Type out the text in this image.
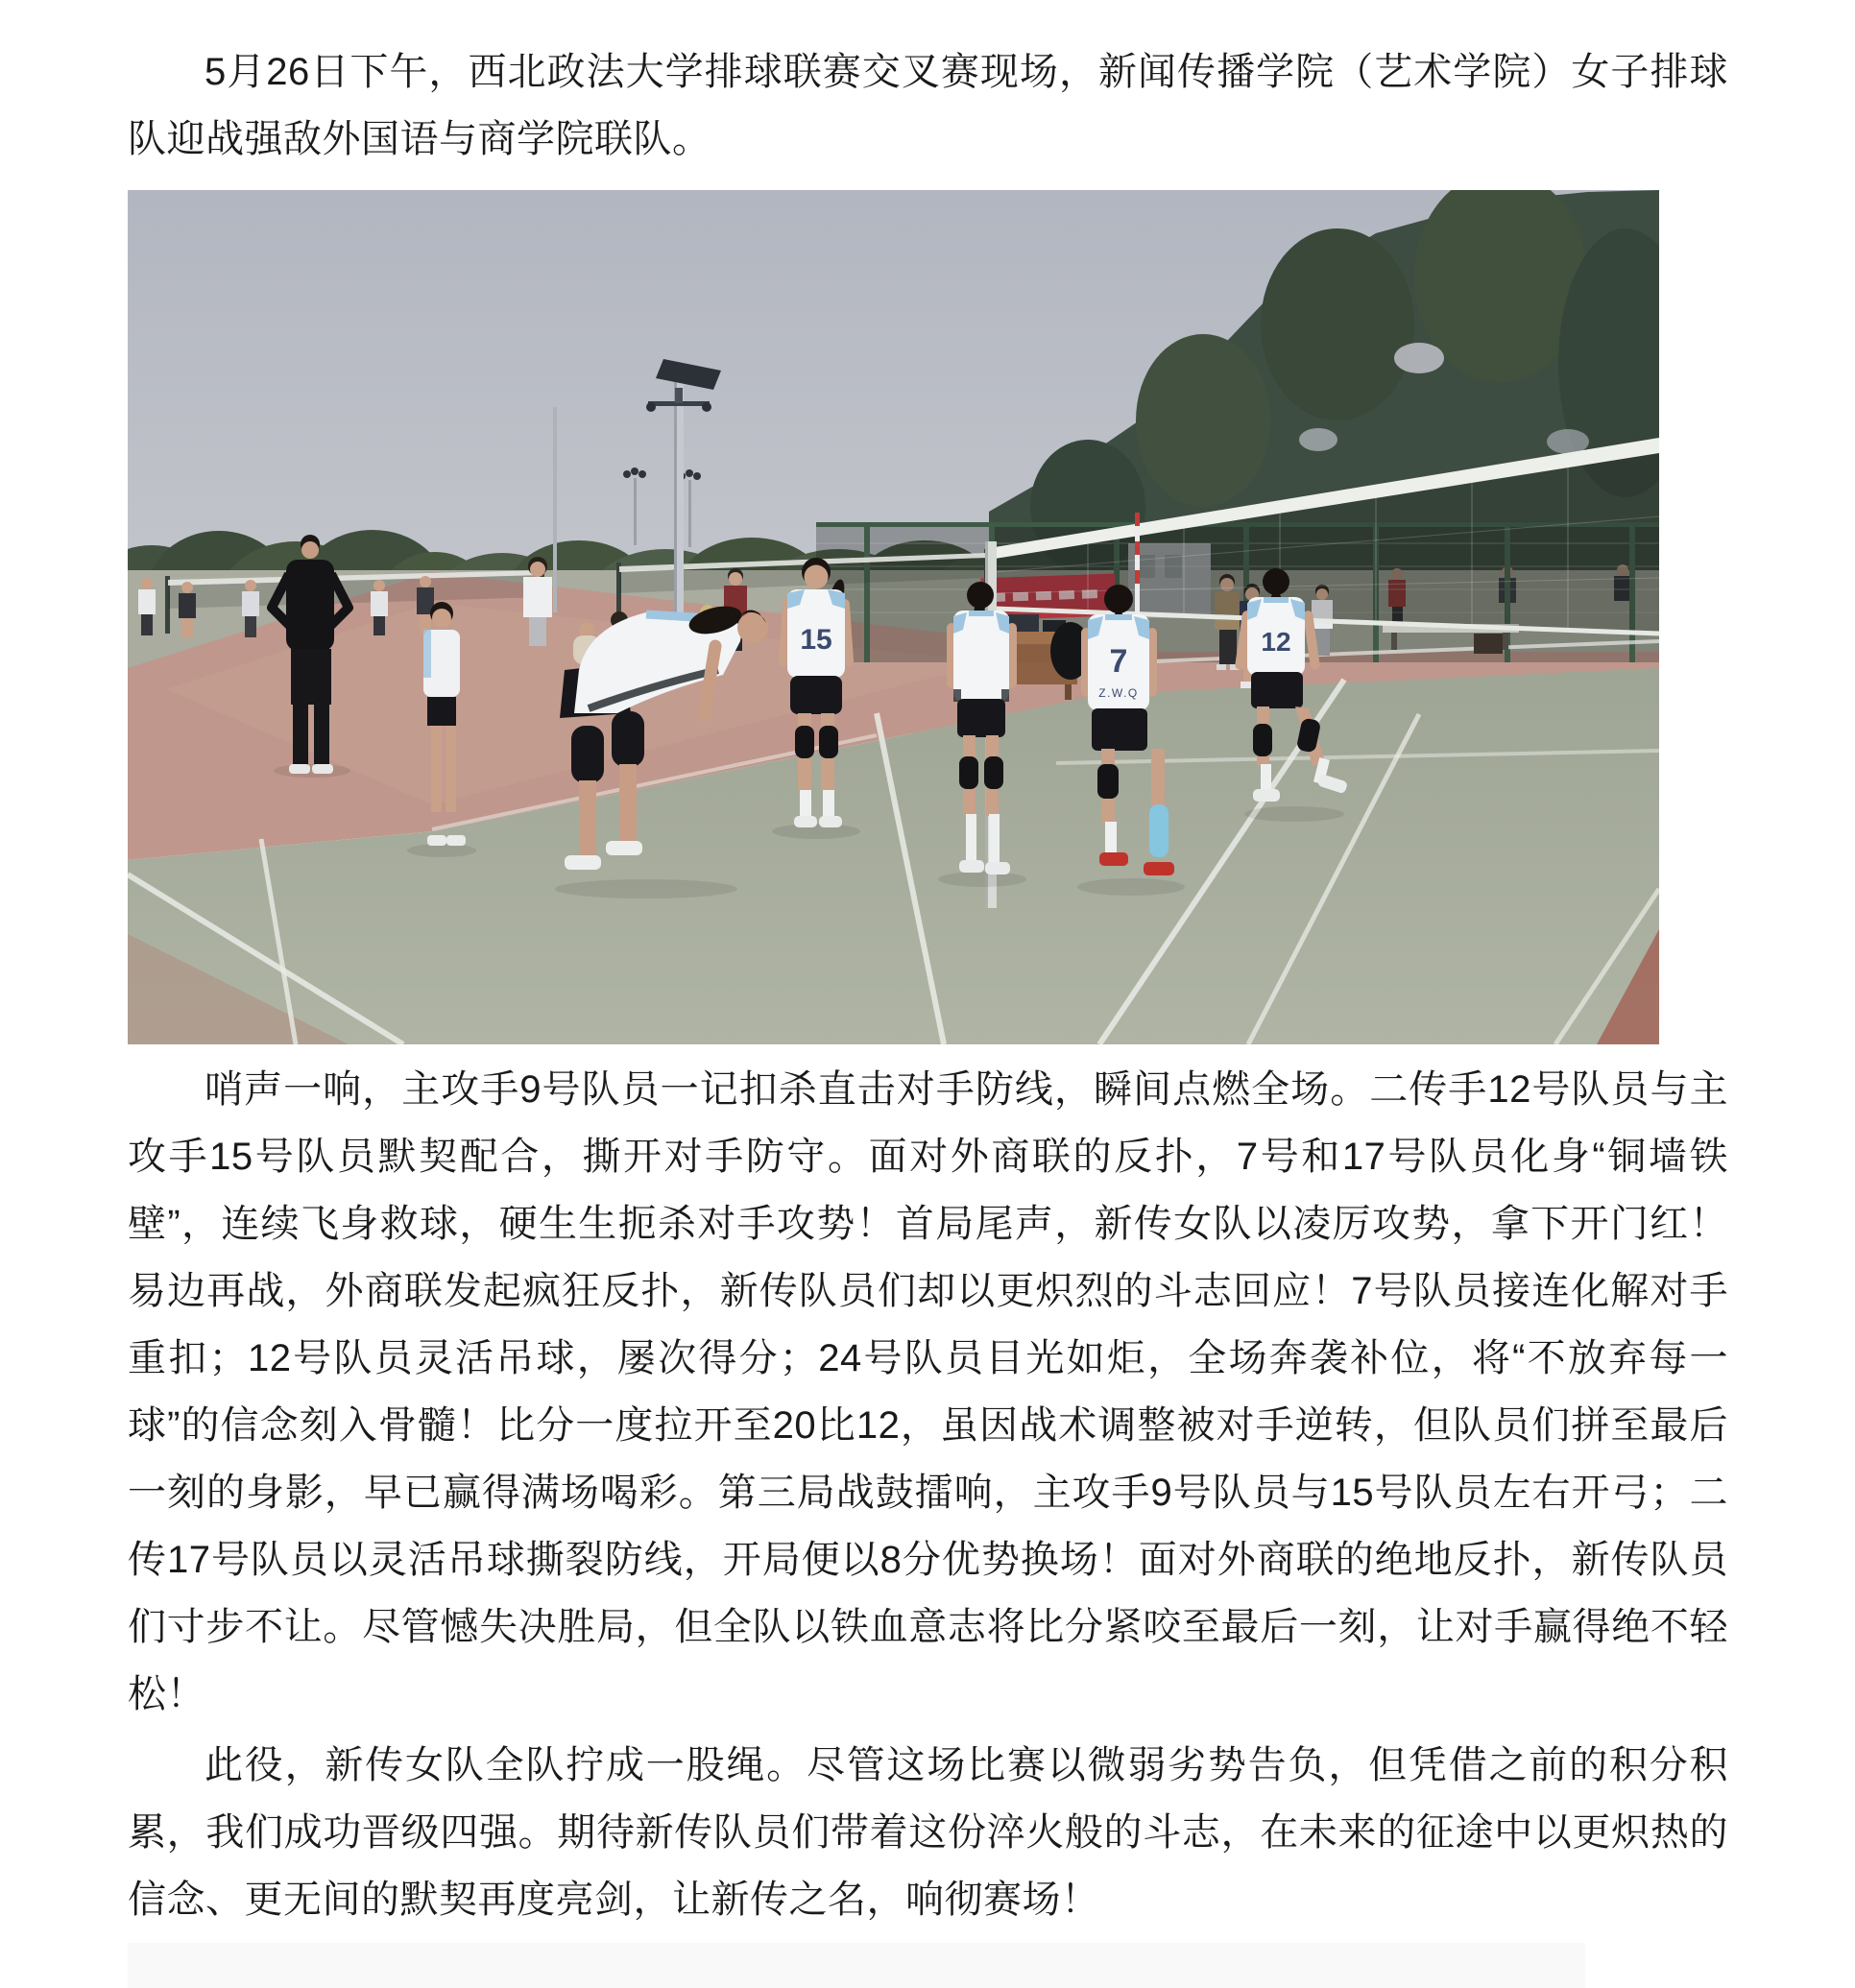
5月26日下午，西北政法大学排球联赛交叉赛现场，新闻传播学院（艺术学院）女子排球队迎战强敌外国语与商学院联队。

15
7
Z.W.Q
12

哨声一响，主攻手9号队员一记扣杀直击对手防线，瞬间点燃全场。二传手12号队员与主攻手15号队员默契配合，撕开对手防守。面对外商联的反扑，7号和17号队员化身“铜墙铁壁”，连续飞身救球，硬生生扼杀对手攻势！首局尾声，新传女队以凌厉攻势，拿下开门红！易边再战，外商联发起疯狂反扑，新传队员们却以更炽烈的斗志回应！7号队员接连化解对手重扣；12号队员灵活吊球，屡次得分；24号队员目光如炬，全场奔袭补位，将“不放弃每一球”的信念刻入骨髓！比分一度拉开至20比12，虽因战术调整被对手逆转，但队员们拼至最后一刻的身影，早已赢得满场喝彩。第三局战鼓擂响，主攻手9号队员与15号队员左右开弓；二传17号队员以灵活吊球撕裂防线，开局便以8分优势换场！面对外商联的绝地反扑，新传队员们寸步不让。尽管憾失决胜局，但全队以铁血意志将比分紧咬至最后一刻，让对手赢得绝不轻松！

此役，新传女队全队拧成一股绳。尽管这场比赛以微弱劣势告负，但凭借之前的积分积累，我们成功晋级四强。期待新传队员们带着这份淬火般的斗志，在未来的征途中以更炽热的信念、更无间的默契再度亮剑，让新传之名，响彻赛场！
